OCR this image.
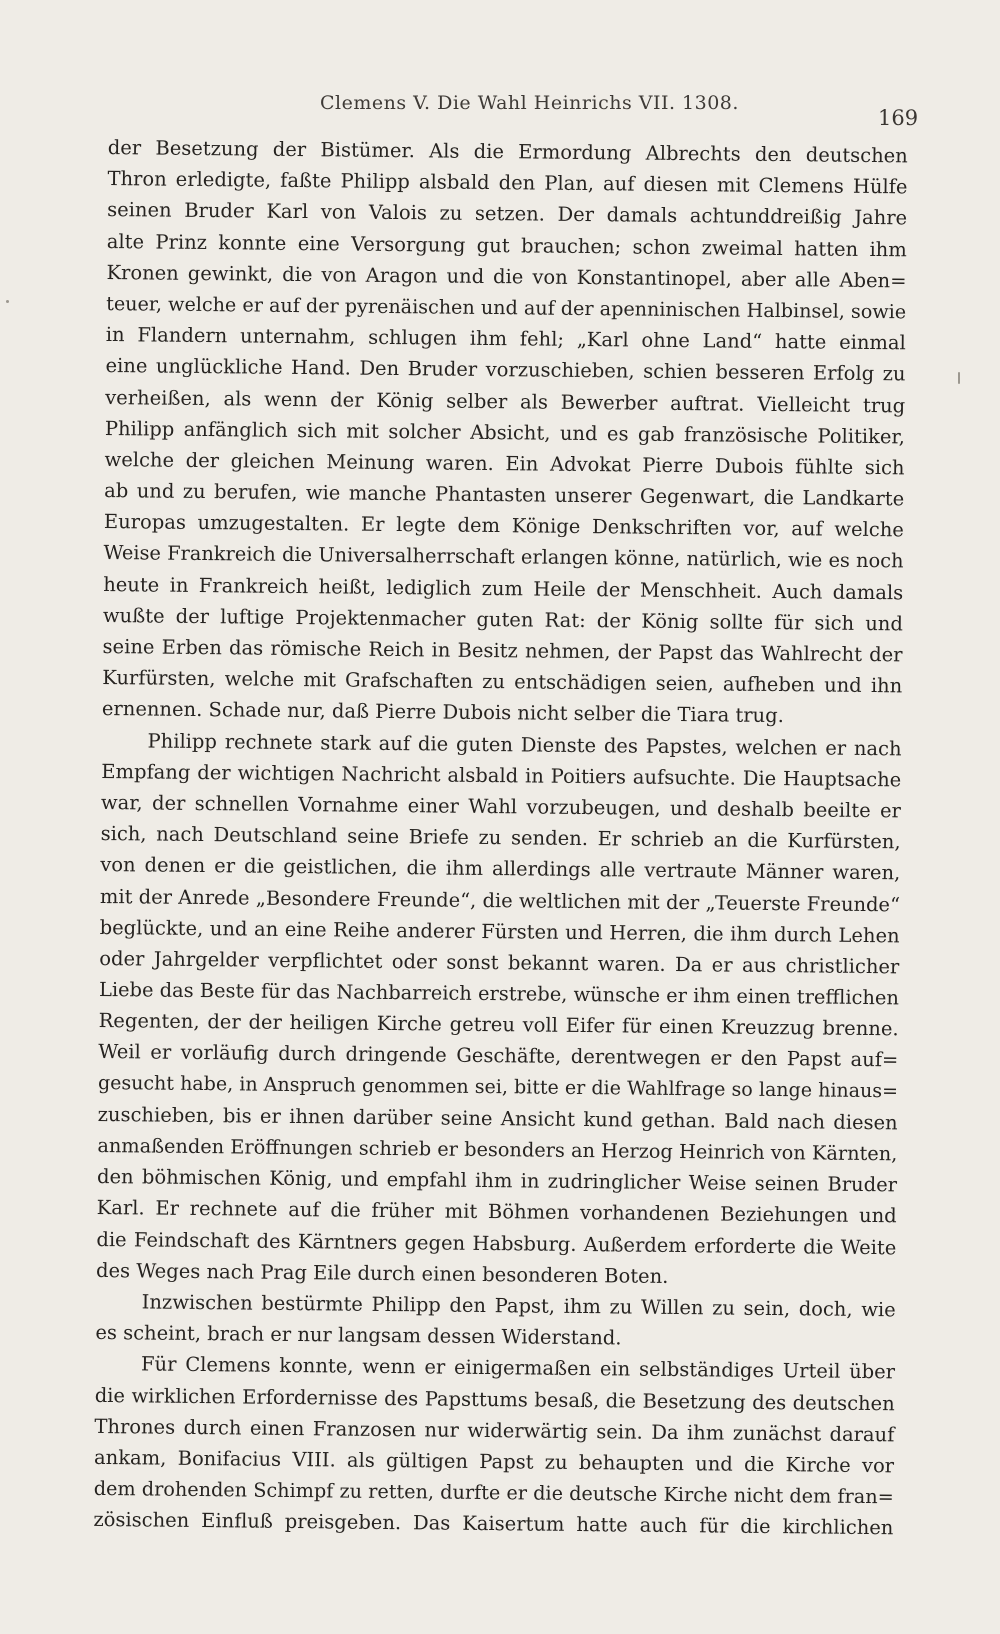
Clemens V. Die Wahl Heinrichs VII. 1308.
169
der Besetzung der Bistümer. Als die Ermordung Albrechts den deutschen
Thron erledigte, faßte Philipp alsbald den Plan, auf diesen mit Clemens Hülfe
seinen Bruder Karl von Valois zu setzen. Der damals achtunddreißig Jahre
alte Prinz konnte eine Versorgung gut brauchen; schon zweimal hatten ihm
Kronen gewinkt, die von Aragon und die von Konstantinopel, aber alle Aben=
teuer, welche er auf der pyrenäischen und auf der apenninischen Halbinsel, sowie
in Flandern unternahm, schlugen ihm fehl; „Karl ohne Land“ hatte einmal
eine unglückliche Hand. Den Bruder vorzuschieben, schien besseren Erfolg zu
verheißen, als wenn der König selber als Bewerber auftrat. Vielleicht trug
Philipp anfänglich sich mit solcher Absicht, und es gab französische Politiker,
welche der gleichen Meinung waren. Ein Advokat Pierre Dubois fühlte sich
ab und zu berufen, wie manche Phantasten unserer Gegenwart, die Landkarte
Europas umzugestalten. Er legte dem Könige Denkschriften vor, auf welche
Weise Frankreich die Universalherrschaft erlangen könne, natürlich, wie es noch
heute in Frankreich heißt, lediglich zum Heile der Menschheit. Auch damals
wußte der luftige Projektenmacher guten Rat: der König sollte für sich und
seine Erben das römische Reich in Besitz nehmen, der Papst das Wahlrecht der
Kurfürsten, welche mit Grafschaften zu entschädigen seien, aufheben und ihn
ernennen. Schade nur, daß Pierre Dubois nicht selber die Tiara trug.
Philipp rechnete stark auf die guten Dienste des Papstes, welchen er nach
Empfang der wichtigen Nachricht alsbald in Poitiers aufsuchte. Die Hauptsache
war, der schnellen Vornahme einer Wahl vorzubeugen, und deshalb beeilte er
sich, nach Deutschland seine Briefe zu senden. Er schrieb an die Kurfürsten,
von denen er die geistlichen, die ihm allerdings alle vertraute Männer waren,
mit der Anrede „Besondere Freunde“, die weltlichen mit der „Teuerste Freunde“
beglückte, und an eine Reihe anderer Fürsten und Herren, die ihm durch Lehen
oder Jahrgelder verpflichtet oder sonst bekannt waren. Da er aus christlicher
Liebe das Beste für das Nachbarreich erstrebe, wünsche er ihm einen trefflichen
Regenten, der der heiligen Kirche getreu voll Eifer für einen Kreuzzug brenne.
Weil er vorläufig durch dringende Geschäfte, derentwegen er den Papst auf=
gesucht habe, in Anspruch genommen sei, bitte er die Wahlfrage so lange hinaus=
zuschieben, bis er ihnen darüber seine Ansicht kund gethan. Bald nach diesen
anmaßenden Eröffnungen schrieb er besonders an Herzog Heinrich von Kärnten,
den böhmischen König, und empfahl ihm in zudringlicher Weise seinen Bruder
Karl. Er rechnete auf die früher mit Böhmen vorhandenen Beziehungen und
die Feindschaft des Kärntners gegen Habsburg. Außerdem erforderte die Weite
des Weges nach Prag Eile durch einen besonderen Boten.
Inzwischen bestürmte Philipp den Papst, ihm zu Willen zu sein, doch, wie
es scheint, brach er nur langsam dessen Widerstand.
Für Clemens konnte, wenn er einigermaßen ein selbständiges Urteil über
die wirklichen Erfordernisse des Papsttums besaß, die Besetzung des deutschen
Thrones durch einen Franzosen nur widerwärtig sein. Da ihm zunächst darauf
ankam, Bonifacius VIII. als gültigen Papst zu behaupten und die Kirche vor
dem drohenden Schimpf zu retten, durfte er die deutsche Kirche nicht dem fran=
zösischen Einfluß preisgeben. Das Kaisertum hatte auch für die kirchlichen
